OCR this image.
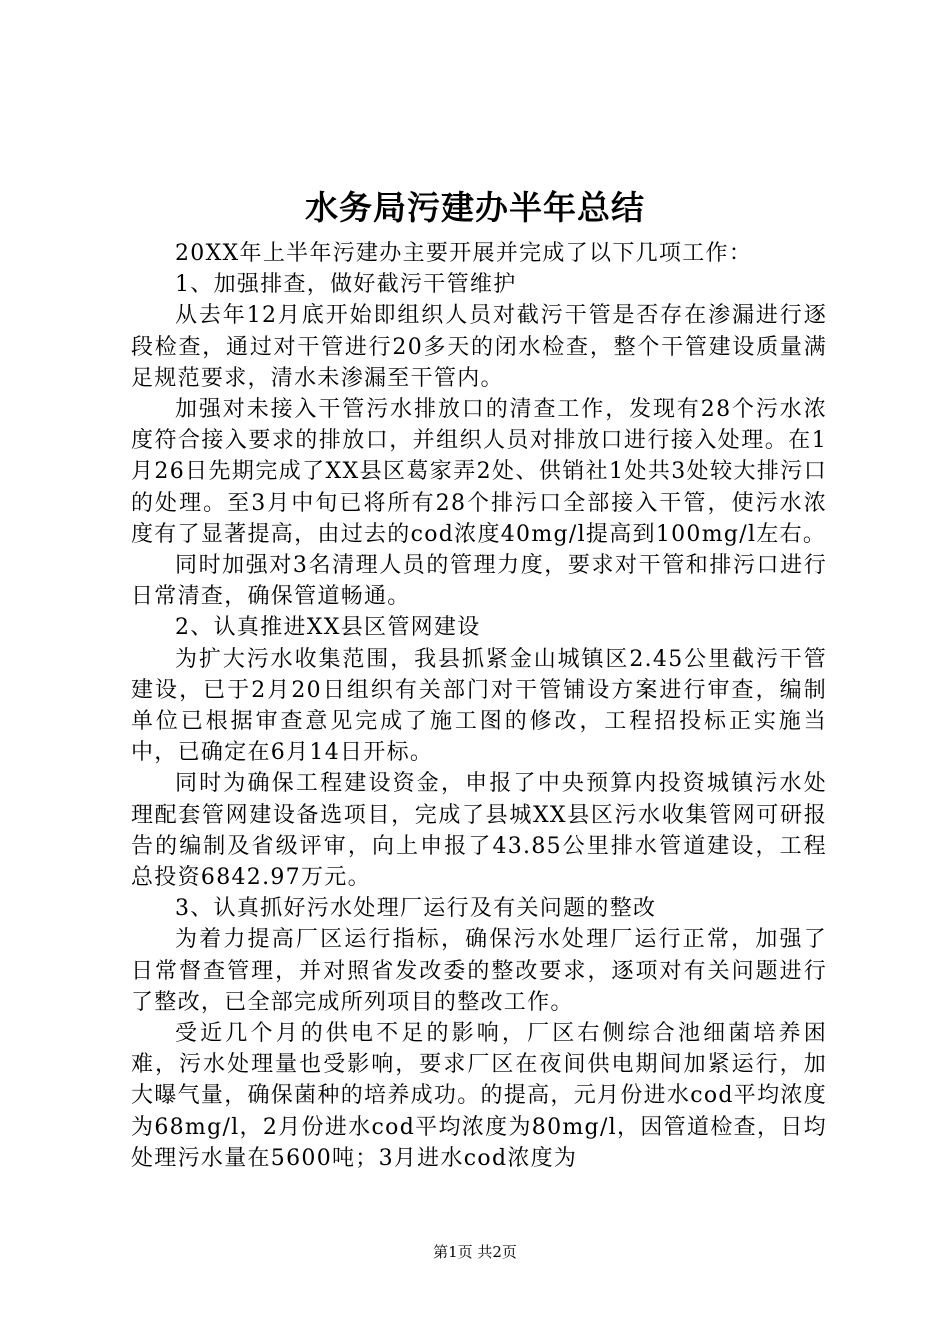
水务局污建办半年总结

20XX年上半年污建办主要开展并完成了以下几项工作：

1、加强排查，做好截污干管维护

从去年12月底开始即组织人员对截污干管是否存在渗漏进行逐段检查，通过对干管进行20多天的闭水检查，整个干管建设质量满足规范要求，清水未渗漏至干管内。

加强对未接入干管污水排放口的清查工作，发现有28个污水浓度符合接入要求的排放口，并组织人员对排放口进行接入处理。在1月26日先期完成了XX县区葛家弄2处、供销社1处共3处较大排污口的处理。至3月中旬已将所有28个排污口全部接入干管，使污水浓度有了显著提高，由过去的cod浓度40mg/l提高到100mg/l左右。

同时加强对3名清理人员的管理力度，要求对干管和排污口进行日常清查，确保管道畅通。

2、认真推进XX县区管网建设

为扩大污水收集范围，我县抓紧金山城镇区2.45公里截污干管建设，已于2月20日组织有关部门对干管铺设方案进行审查，编制单位已根据审查意见完成了施工图的修改，工程招投标正实施当中，已确定在6月14日开标。

同时为确保工程建设资金，申报了中央预算内投资城镇污水处理配套管网建设备选项目，完成了县城XX县区污水收集管网可研报告的编制及省级评审，向上申报了43.85公里排水管道建设，工程总投资6842.97万元。

3、认真抓好污水处理厂运行及有关问题的整改

为着力提高厂区运行指标，确保污水处理厂运行正常，加强了日常督查管理，并对照省发改委的整改要求，逐项对有关问题进行了整改，已全部完成所列项目的整改工作。

受近几个月的供电不足的影响，厂区右侧综合池细菌培养困难，污水处理量也受影响，要求厂区在夜间供电期间加紧运行，加大曝气量，确保菌种的培养成功。的提高，元月份进水cod平均浓度为68mg/l，2月份进水cod平均浓度为80mg/l，因管道检查，日均处理污水量在5600吨；3月进水cod浓度为

第1页 共2页
